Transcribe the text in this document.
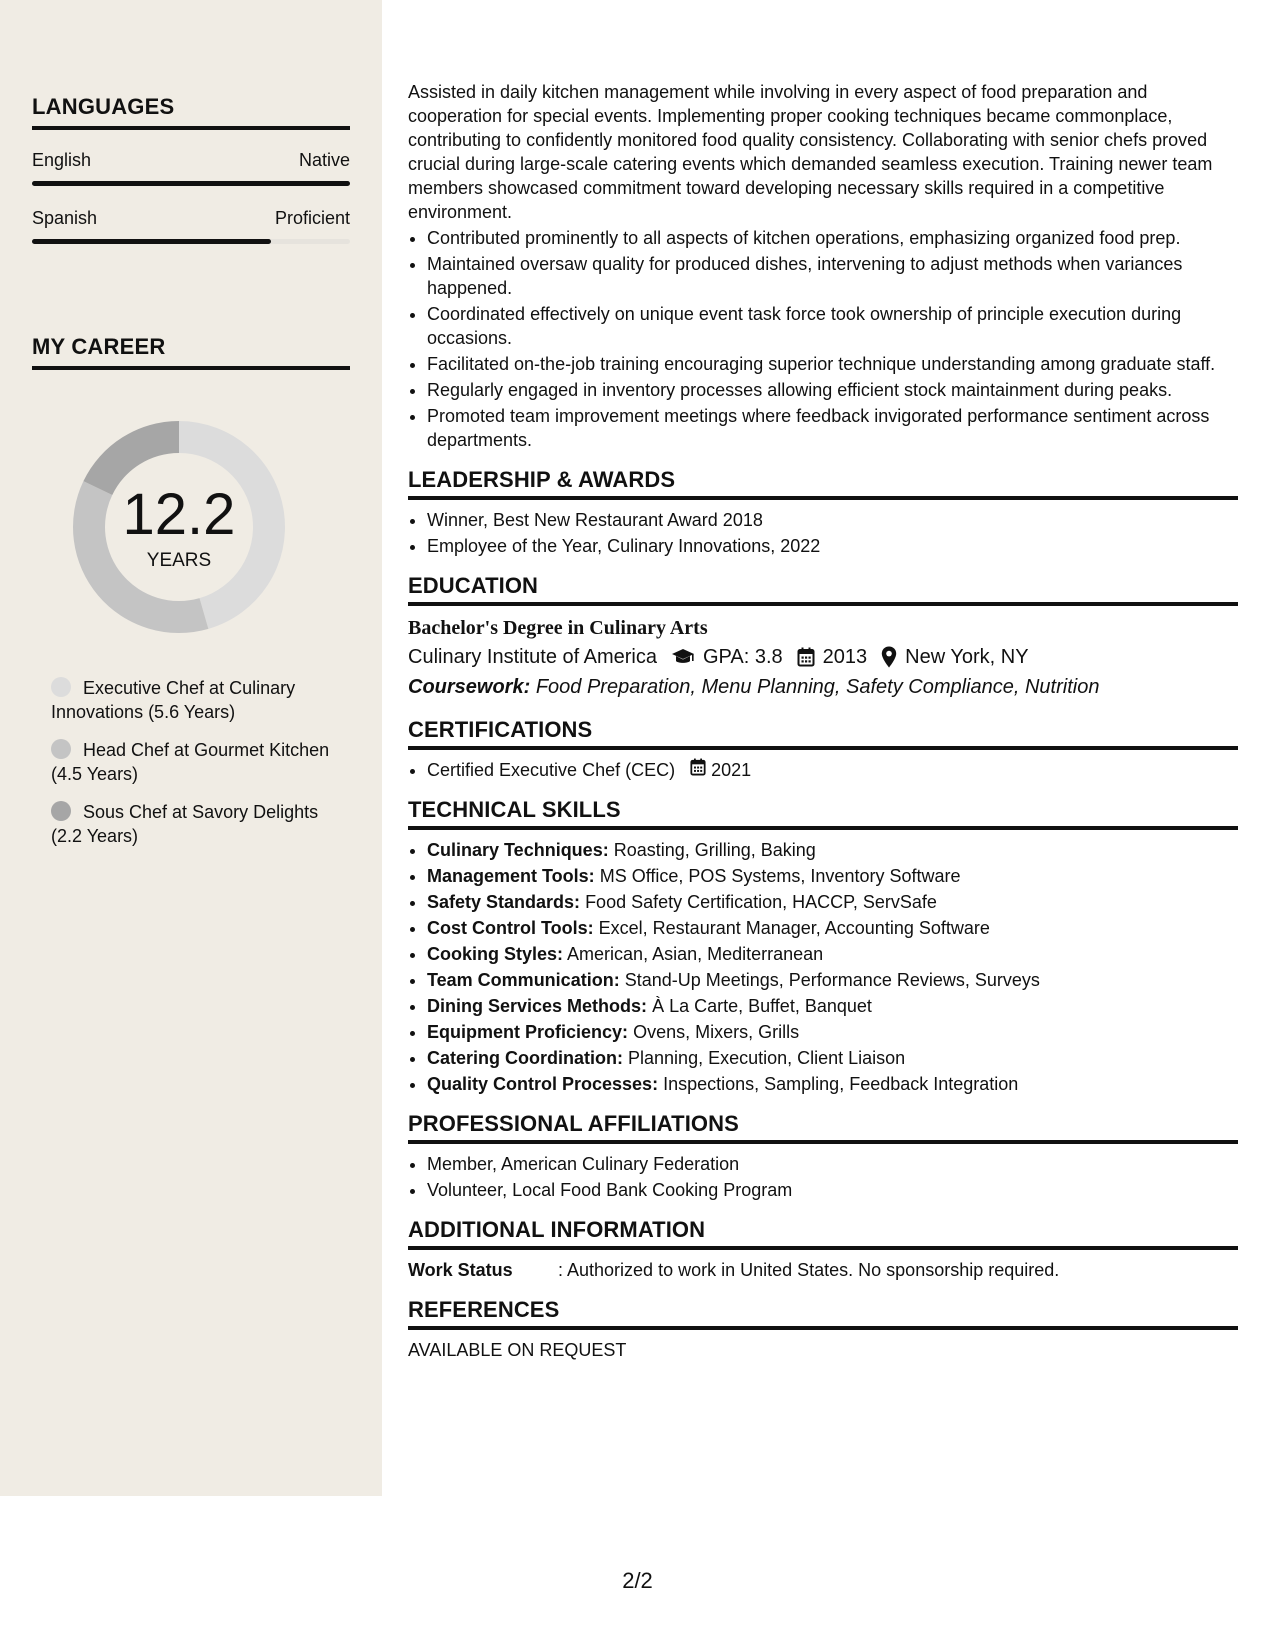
LANGUAGES
English	Native
Spanish	Proficient
MY CAREER
12.2
YEARS
Executive Chef at Culinary Innovations (5.6 Years)
Head Chef at Gourmet Kitchen (4.5 Years)
Sous Chef at Savory Delights (2.2 Years)

Assisted in daily kitchen management while involving in every aspect of food preparation and cooperation for special events. Implementing proper cooking techniques became commonplace, contributing to confidently monitored food quality consistency. Collaborating with senior chefs proved crucial during large-scale catering events which demanded seamless execution. Training newer team members showcased commitment toward developing necessary skills required in a competitive environment.

• Contributed prominently to all aspects of kitchen operations, emphasizing organized food prep.
• Maintained oversaw quality for produced dishes, intervening to adjust methods when variances happened.
• Coordinated effectively on unique event task force took ownership of principle execution during occasions.
• Facilitated on-the-job training encouraging superior technique understanding among graduate staff.
• Regularly engaged in inventory processes allowing efficient stock maintainment during peaks.
• Promoted team improvement meetings where feedback invigorated performance sentiment across departments.
LEADERSHIP & AWARDS
• Winner, Best New Restaurant Award 2018
• Employee of the Year, Culinary Innovations, 2022
EDUCATION
Bachelor's Degree in Culinary Arts
Culinary Institute of America GPA: 3.8 2013 New York, NY
Coursework: Food Preparation, Menu Planning, Safety Compliance, Nutrition
CERTIFICATIONS
• Certified Executive Chef (CEC) 2021
TECHNICAL SKILLS
• Culinary Techniques: Roasting, Grilling, Baking
• Management Tools: MS Office, POS Systems, Inventory Software
• Safety Standards: Food Safety Certification, HACCP, ServSafe
• Cost Control Tools: Excel, Restaurant Manager, Accounting Software
• Cooking Styles: American, Asian, Mediterranean
• Team Communication: Stand-Up Meetings, Performance Reviews, Surveys
• Dining Services Methods: À La Carte, Buffet, Banquet
• Equipment Proficiency: Ovens, Mixers, Grills
• Catering Coordination: Planning, Execution, Client Liaison
• Quality Control Processes: Inspections, Sampling, Feedback Integration
PROFESSIONAL AFFILIATIONS
• Member, American Culinary Federation
• Volunteer, Local Food Bank Cooking Program
ADDITIONAL INFORMATION
Work Status	: Authorized to work in United States. No sponsorship required.
REFERENCES
AVAILABLE ON REQUEST
2/2
